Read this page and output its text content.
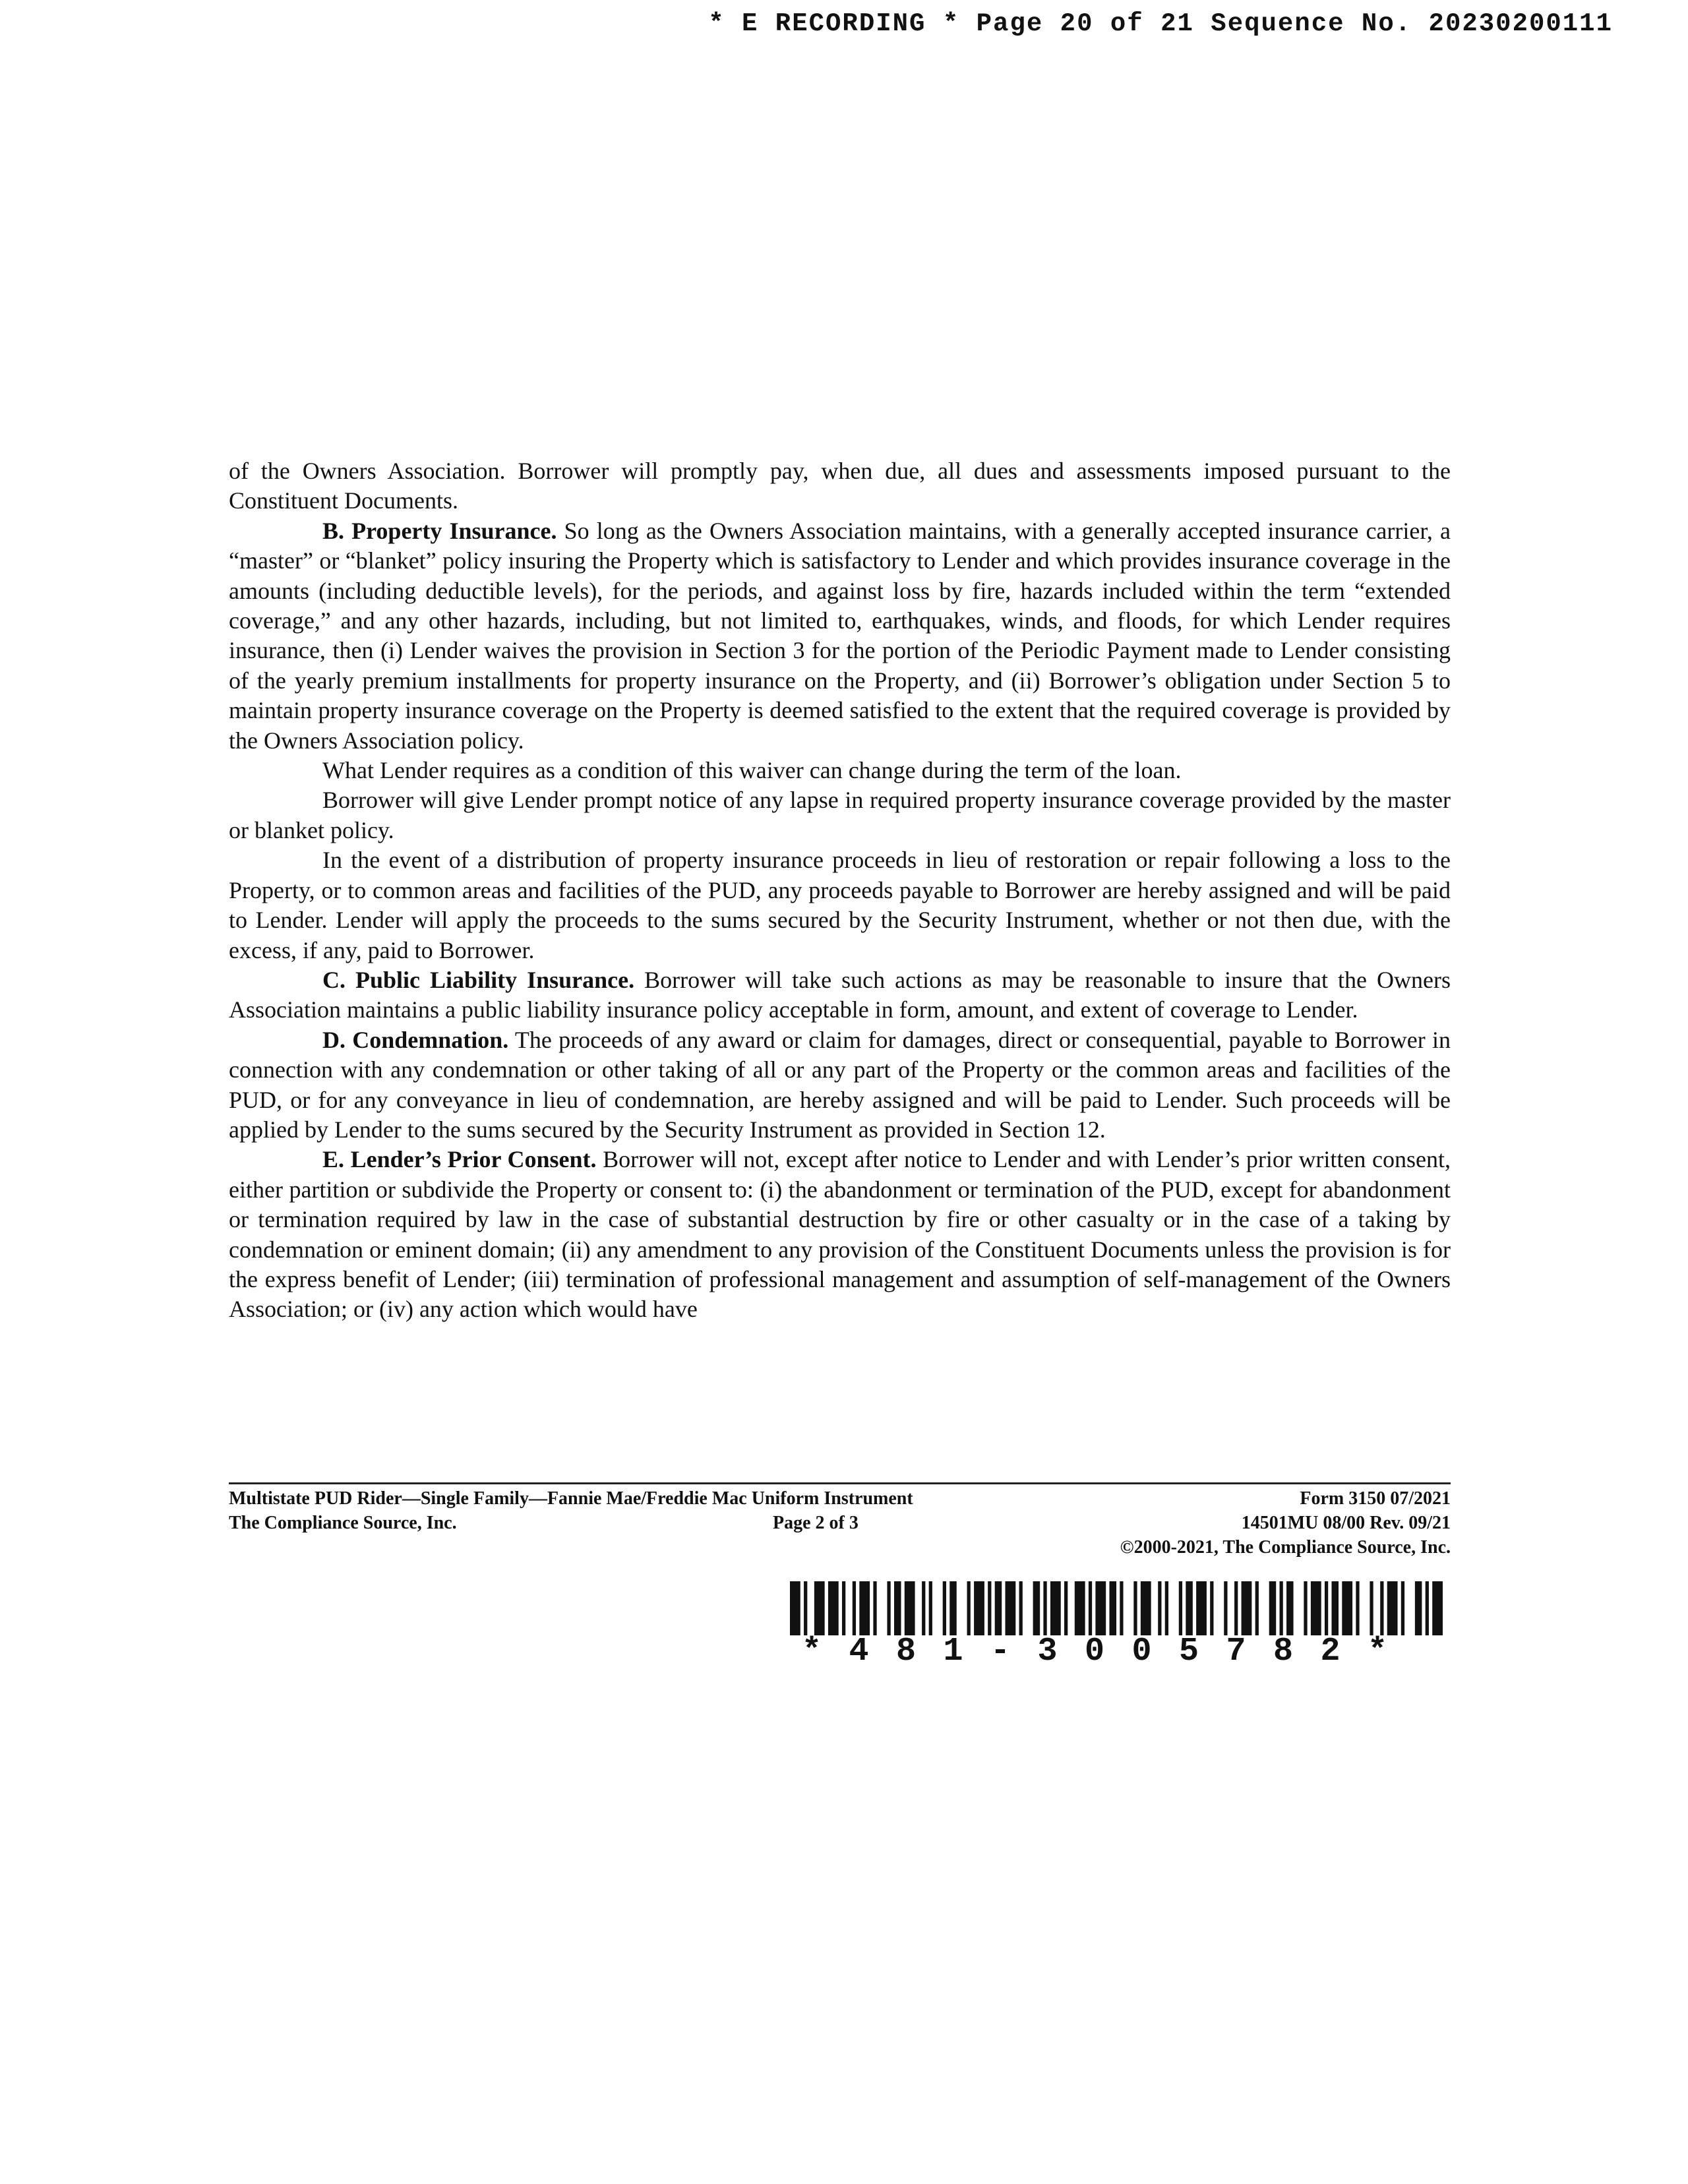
* E RECORDING * Page 20 of 21 Sequence No. 20230200111

of the Owners Association. Borrower will promptly pay, when due, all dues and assessments imposed pursuant to the Constituent Documents.

B. Property Insurance. So long as the Owners Association maintains, with a generally accepted insurance carrier, a “master” or “blanket” policy insuring the Property which is satisfactory to Lender and which provides insurance coverage in the amounts (including deductible levels), for the periods, and against loss by fire, hazards included within the term “extended coverage,” and any other hazards, including, but not limited to, earthquakes, winds, and floods, for which Lender requires insurance, then (i) Lender waives the provision in Section 3 for the portion of the Periodic Payment made to Lender consisting of the yearly premium installments for property insurance on the Property, and (ii) Borrower’s obligation under Section 5 to maintain property insurance coverage on the Property is deemed satisfied to the extent that the required coverage is provided by the Owners Association policy.

What Lender requires as a condition of this waiver can change during the term of the loan.

Borrower will give Lender prompt notice of any lapse in required property insurance coverage provided by the master or blanket policy.

In the event of a distribution of property insurance proceeds in lieu of restoration or repair following a loss to the Property, or to common areas and facilities of the PUD, any proceeds payable to Borrower are hereby assigned and will be paid to Lender. Lender will apply the proceeds to the sums secured by the Security Instrument, whether or not then due, with the excess, if any, paid to Borrower.

C. Public Liability Insurance. Borrower will take such actions as may be reasonable to insure that the Owners Association maintains a public liability insurance policy acceptable in form, amount, and extent of coverage to Lender.

D. Condemnation. The proceeds of any award or claim for damages, direct or consequential, payable to Borrower in connection with any condemnation or other taking of all or any part of the Property or the common areas and facilities of the PUD, or for any conveyance in lieu of condemnation, are hereby assigned and will be paid to Lender. Such proceeds will be applied by Lender to the sums secured by the Security Instrument as provided in Section 12.

E. Lender’s Prior Consent. Borrower will not, except after notice to Lender and with Lender’s prior written consent, either partition or subdivide the Property or consent to: (i) the abandonment or termination of the PUD, except for abandonment or termination required by law in the case of substantial destruction by fire or other casualty or in the case of a taking by condemnation or eminent domain; (ii) any amendment to any provision of the Constituent Documents unless the provision is for the express benefit of Lender; (iii) termination of professional management and assumption of self-management of the Owners Association; or (iv) any action which would have

Multistate PUD Rider—Single Family—Fannie Mae/Freddie Mac Uniform Instrument	Form 3150 07/2021
The Compliance Source, Inc.	Page 2 of 3	14501MU 08/00 Rev. 09/21
©2000-2021, The Compliance Source, Inc.
*481-3005782*
